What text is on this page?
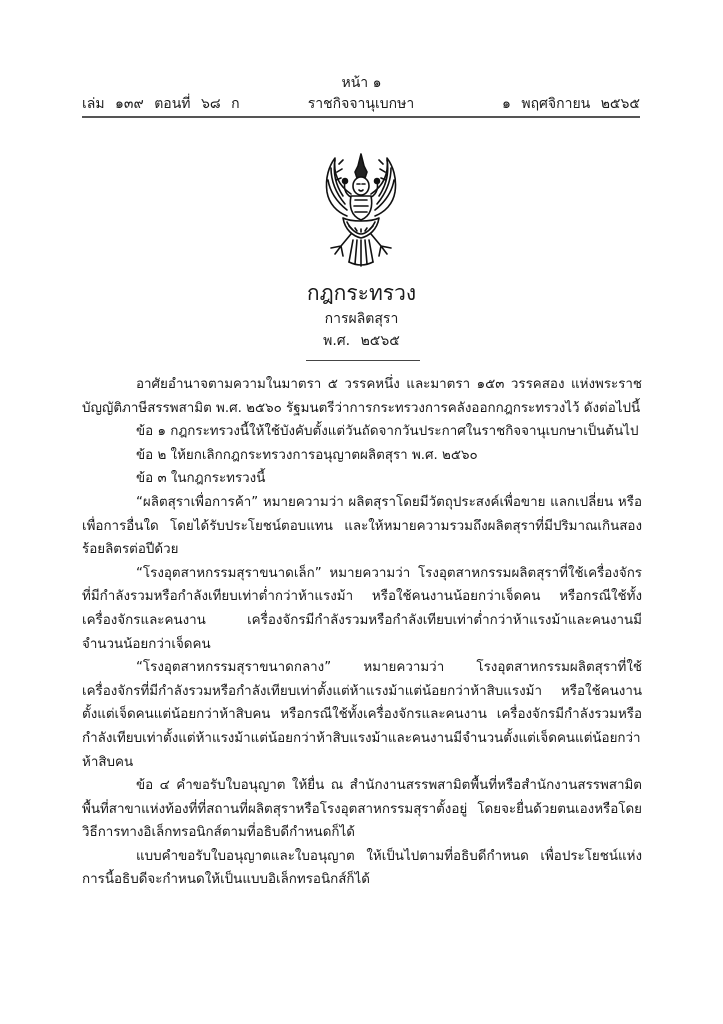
หน้า ๑
เล่ม ๑๓๙ ตอนที่ ๖๘ ก	ราชกิจจานุเบกษา	๑ พฤศจิกายน ๒๕๖๕
กฎกระทรวง
การผลิตสุรา
พ.ศ. ๒๕๖๕

อาศัยอำนาจตามความในมาตรา ๕ วรรคหนึ่ง และมาตรา ๑๕๓ วรรคสอง แห่งพระราชบัญญัติภาษีสรรพสามิต พ.ศ. ๒๕๖๐ รัฐมนตรีว่าการกระทรวงการคลังออกกฎกระทรวงไว้ ดังต่อไปนี้

ข้อ ๑ กฎกระทรวงนี้ให้ใช้บังคับตั้งแต่วันถัดจากวันประกาศในราชกิจจานุเบกษาเป็นต้นไป

ข้อ ๒ ให้ยกเลิกกฎกระทรวงการอนุญาตผลิตสุรา พ.ศ. ๒๕๖๐

ข้อ ๓ ในกฎกระทรวงนี้

“ผลิตสุราเพื่อการค้า” หมายความว่า ผลิตสุราโดยมีวัตถุประสงค์เพื่อขาย แลกเปลี่ยน หรือเพื่อการอื่นใด โดยได้รับประโยชน์ตอบแทน และให้หมายความรวมถึงผลิตสุราที่มีปริมาณเกินสองร้อยลิตรต่อปีด้วย

“โรงอุตสาหกรรมสุราขนาดเล็ก” หมายความว่า โรงอุตสาหกรรมผลิตสุราที่ใช้เครื่องจักรที่มีกำลังรวมหรือกำลังเทียบเท่าต่ำกว่าห้าแรงม้า หรือใช้คนงานน้อยกว่าเจ็ดคน หรือกรณีใช้ทั้งเครื่องจักรและคนงาน เครื่องจักรมีกำลังรวมหรือกำลังเทียบเท่าต่ำกว่าห้าแรงม้าและคนงานมีจำนวนน้อยกว่าเจ็ดคน

“โรงอุตสาหกรรมสุราขนาดกลาง” หมายความว่า โรงอุตสาหกรรมผลิตสุราที่ใช้เครื่องจักรที่มีกำลังรวมหรือกำลังเทียบเท่าตั้งแต่ห้าแรงม้าแต่น้อยกว่าห้าสิบแรงม้า หรือใช้คนงานตั้งแต่เจ็ดคนแต่น้อยกว่าห้าสิบคน หรือกรณีใช้ทั้งเครื่องจักรและคนงาน เครื่องจักรมีกำลังรวมหรือกำลังเทียบเท่าตั้งแต่ห้าแรงม้าแต่น้อยกว่าห้าสิบแรงม้าและคนงานมีจำนวนตั้งแต่เจ็ดคนแต่น้อยกว่าห้าสิบคน

ข้อ ๔ คำขอรับใบอนุญาต ให้ยื่น ณ สำนักงานสรรพสามิตพื้นที่หรือสำนักงานสรรพสามิตพื้นที่สาขาแห่งท้องที่ที่สถานที่ผลิตสุราหรือโรงอุตสาหกรรมสุราตั้งอยู่ โดยจะยื่นด้วยตนเองหรือโดยวิธีการทางอิเล็กทรอนิกส์ตามที่อธิบดีกำหนดก็ได้

แบบคำขอรับใบอนุญาตและใบอนุญาต ให้เป็นไปตามที่อธิบดีกำหนด เพื่อประโยชน์แห่งการนี้อธิบดีจะกำหนดให้เป็นแบบอิเล็กทรอนิกส์ก็ได้
